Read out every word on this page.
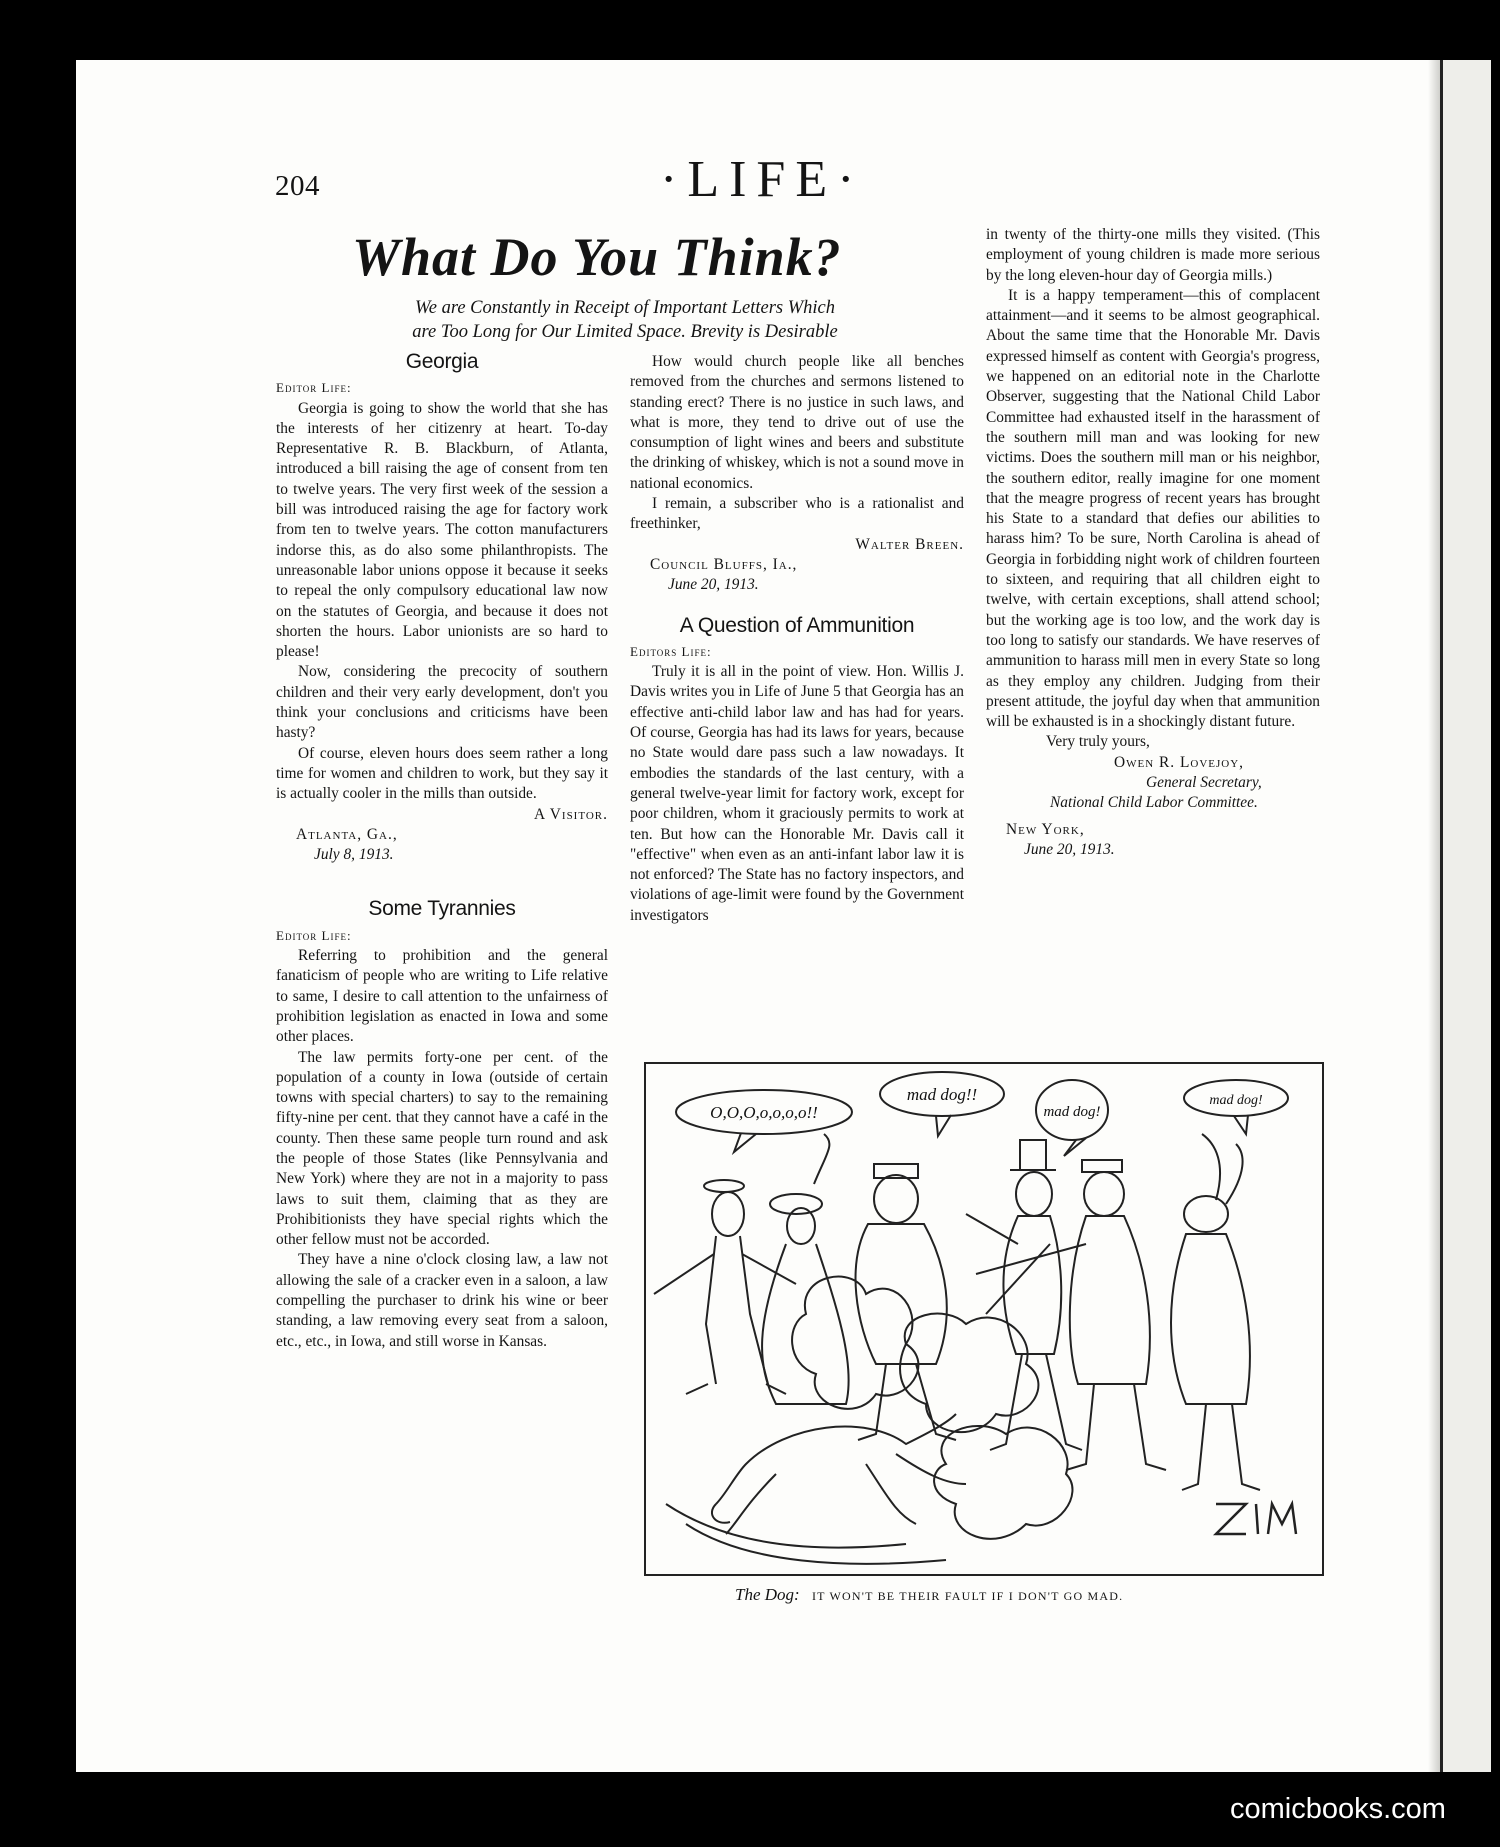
204	·LIFE·
What Do You Think?
We are Constantly in Receipt of Important Letters Which
are Too Long for Our Limited Space. Brevity is Desirable
Georgia
Editor Life:

Georgia is going to show the world that she has the interests of her citizenry at heart. To-day Representative R. B. Blackburn, of Atlanta, introduced a bill raising the age of consent from ten to twelve years. The very first week of the session a bill was introduced raising the age for factory work from ten to twelve years. The cotton manufacturers indorse this, as do also some philanthropists. The unreasonable labor unions oppose it because it seeks to repeal the only compulsory educational law now on the statutes of Georgia, and because it does not shorten the hours. Labor unionists are so hard to please!

Now, considering the precocity of southern children and their very early development, don't you think your conclusions and criticisms have been hasty?

Of course, eleven hours does seem rather a long time for women and children to work, but they say it is actually cooler in the mills than outside.

A Visitor.
Atlanta, Ga.,
July 8, 1913.
Some Tyrannies
Editor Life:

Referring to prohibition and the general fanaticism of people who are writing to Life relative to same, I desire to call attention to the unfairness of prohibition legislation as enacted in Iowa and some other places.

The law permits forty-one per cent. of the population of a county in Iowa (outside of certain towns with special charters) to say to the remaining fifty-nine per cent. that they cannot have a café in the county. Then these same people turn round and ask the people of those States (like Pennsylvania and New York) where they are not in a majority to pass laws to suit them, claiming that as they are Prohibitionists they have special rights which the other fellow must not be accorded.

They have a nine o'clock closing law, a law not allowing the sale of a cracker even in a saloon, a law compelling the purchaser to drink his wine or beer standing, a law removing every seat from a saloon, etc., etc., in Iowa, and still worse in Kansas.

How would church people like all benches removed from the churches and sermons listened to standing erect? There is no justice in such laws, and what is more, they tend to drive out of use the consumption of light wines and beers and substitute the drinking of whiskey, which is not a sound move in national economics.

I remain, a subscriber who is a rationalist and freethinker,

Walter Breen.
Council Bluffs, Ia.,
June 20, 1913.
A Question of Ammunition
Editors Life:

Truly it is all in the point of view. Hon. Willis J. Davis writes you in Life of June 5 that Georgia has an effective anti-child labor law and has had for years. Of course, Georgia has had its laws for years, because no State would dare pass such a law nowadays. It embodies the standards of the last century, with a general twelve-year limit for factory work, except for poor children, whom it graciously permits to work at ten. But how can the Honorable Mr. Davis call it "effective" when even as an anti-infant labor law it is not enforced? The State has no factory inspectors, and violations of age-limit were found by the Government investigators

in twenty of the thirty-one mills they visited. (This employment of young children is made more serious by the long eleven-hour day of Georgia mills.)

It is a happy temperament—this of complacent attainment—and it seems to be almost geographical. About the same time that the Honorable Mr. Davis expressed himself as content with Georgia's progress, we happened on an editorial note in the Charlotte Observer, suggesting that the National Child Labor Committee had exhausted itself in the harassment of the southern mill man and was looking for new victims. Does the southern mill man or his neighbor, the southern editor, really imagine for one moment that the meagre progress of recent years has brought his State to a standard that defies our abilities to harass him? To be sure, North Carolina is ahead of Georgia in forbidding night work of children fourteen to sixteen, and requiring that all children eight to twelve, with certain exceptions, shall attend school; but the working age is too low, and the work day is too long to satisfy our standards. We have reserves of ammunition to harass mill men in every State so long as they employ any children. Judging from their present attitude, the joyful day when that ammunition will be exhausted is in a shockingly distant future.

Very truly yours,
Owen R. Lovejoy,
General Secretary,
National Child Labor Committee.
New York,
June 20, 1913.
O,O,O,o,o,o,o!!
mad dog!!
mad dog!
mad dog!
The Dog: IT WON'T BE THEIR FAULT IF I DON'T GO MAD.
comicbooks.com
